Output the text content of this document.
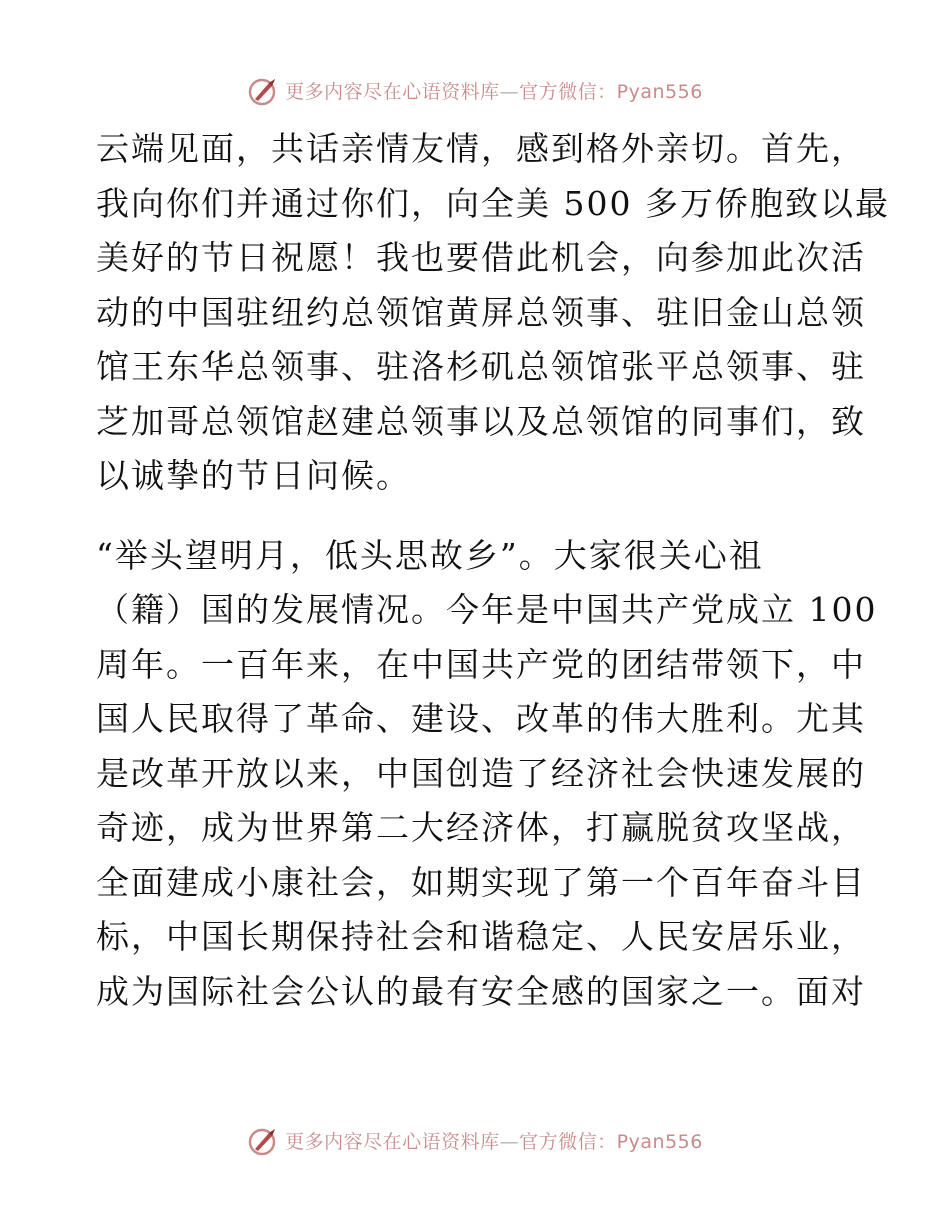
更多内容尽在心语资料库—官方微信：Pyan556

云端见面，共话亲情友情，感到格外亲切。首先，
我向你们并通过你们，向全美 500 多万侨胞致以最
美好的节日祝愿！我也要借此机会，向参加此次活
动的中国驻纽约总领馆黄屏总领事、驻旧金山总领
馆王东华总领事、驻洛杉矶总领馆张平总领事、驻
芝加哥总领馆赵建总领事以及总领馆的同事们，致
以诚挚的节日问候。

“举头望明月，低头思故乡”。大家很关心祖
（籍）国的发展情况。今年是中国共产党成立 100
周年。一百年来，在中国共产党的团结带领下，中
国人民取得了革命、建设、改革的伟大胜利。尤其
是改革开放以来，中国创造了经济社会快速发展的
奇迹，成为世界第二大经济体，打赢脱贫攻坚战，
全面建成小康社会，如期实现了第一个百年奋斗目
标，中国长期保持社会和谐稳定、人民安居乐业，
成为国际社会公认的最有安全感的国家之一。面对

更多内容尽在心语资料库—官方微信：Pyan556
